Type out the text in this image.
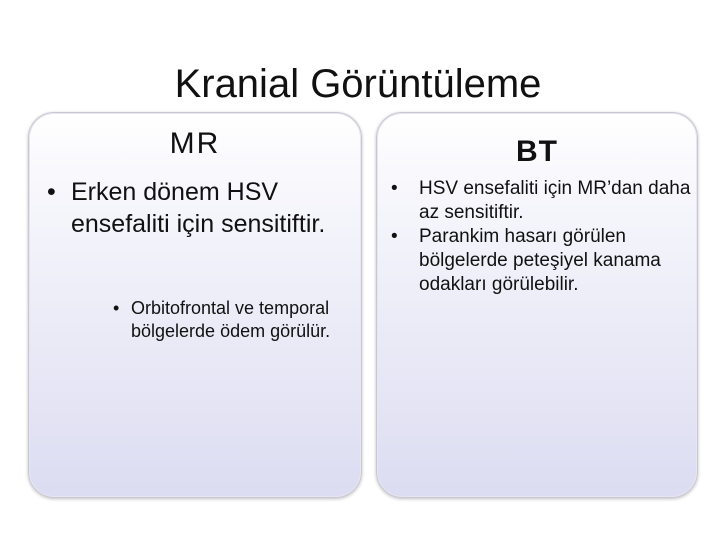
Kranial Görüntüleme
MR
• Erken dönem HSV ensefaliti için sensitiftir.
• Orbitofrontal ve temporal bölgelerde ödem görülür.
BT
• HSV ensefaliti için MR’dan daha az sensitiftir.
• Parankim hasarı görülen bölgelerde peteşiyel kanama odakları görülebilir.
